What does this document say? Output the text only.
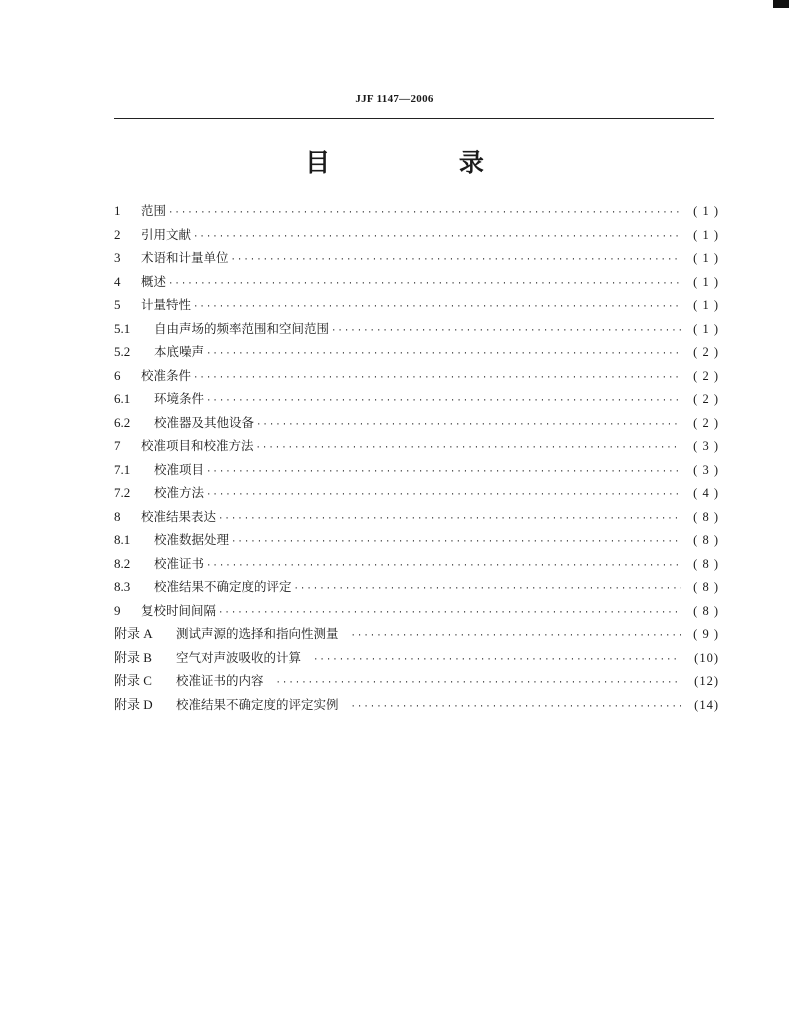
JJF 1147—2006
目 录
1	范围 ·····	( 1 )
2	引用文献 ·····	( 1 )
3	术语和计量单位 ·····	( 1 )
4	概述 ·····	( 1 )
5	计量特性 ·····	( 1 )
5.1	自由声场的频率范围和空间范围 ·····	( 1 )
5.2	本底噪声 ·····	( 2 )
6	校准条件 ·····	( 2 )
6.1	环境条件 ·····	( 2 )
6.2	校准器及其他设备 ·····	( 2 )
7	校准项目和校准方法 ·····	( 3 )
7.1	校准项目 ·····	( 3 )
7.2	校准方法 ·····	( 4 )
8	校准结果表达 ·····	( 8 )
8.1	校准数据处理 ·····	( 8 )
8.2	校准证书 ·····	( 8 )
8.3	校准结果不确定度的评定 ·····	( 8 )
9	复校时间间隔 ·····	( 8 )
附录 A	测试声源的选择和指向性测量 ·····	( 9 )
附录 B	空气对声波吸收的计算 ·····	(10)
附录 C	校准证书的内容 ·····	(12)
附录 D	校准结果不确定度的评定实例 ·····	(14)
